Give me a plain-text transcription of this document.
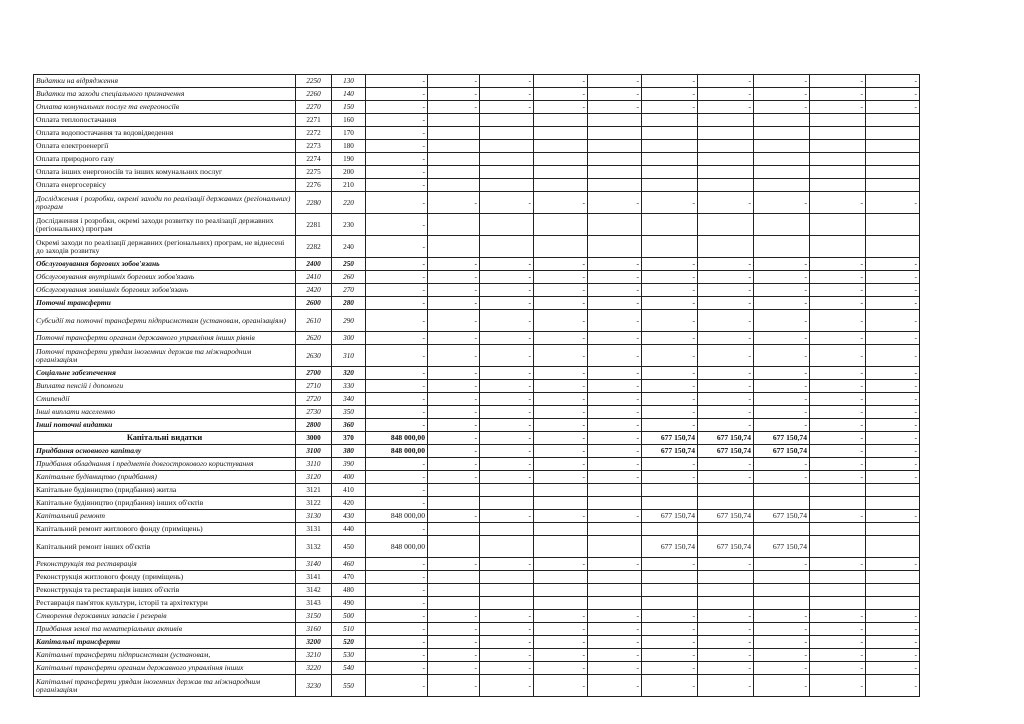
Видатки на відрядження	2250	130	-	-	-	-	-	-	-	-	-	-
Видатки та заходи спеціального призначення	2260	140	-	-	-	-	-	-	-	-	-	-
Оплата комунальних послуг та енергоносіїв	2270	150	-	-	-	-	-	-	-	-	-	-
Оплата теплопостачання	2271	160	-									
Оплата водопостачання та водовідведення	2272	170	-									
Оплата електроенергії	2273	180	-									
Оплата природного газу	2274	190	-									
Оплата інших енергоносіїв та інших комунальних послуг	2275	200	-									
Оплата енергосервісу	2276	210	-									
Дослідження і розробки, окремі заходи по реалізації державних (регіональних) програм	2280	220	-	-	-	-	-	-	-	-	-	-
Дослідження і розробки, окремі заходи розвитку по реалізації державних (регіональних) програм	2281	230	-									
Окремі заходи по реалізації державних (регіональних) програм, не віднесені до заходів розвитку	2282	240	-									
Обслуговування боргових зобов'язань	2400	250	-	-	-	-	-	-	-	-	-	-
Обслуговування внутрішніх боргових зобов'язань	2410	260	-	-	-	-	-	-	-	-	-	-
Обслуговування зовнішніх боргових зобов'язань	2420	270	-	-	-	-	-	-	-	-	-	-
Поточні трансферти	2600	280	-	-	-	-	-	-	-	-	-	-
Субсидії та поточні трансферти підприємствам (установам, організаціям)	2610	290	-	-	-	-	-	-	-	-	-	-
Поточні трансферти органам державного управління інших рівнів	2620	300	-	-	-	-	-	-	-	-	-	-
Поточні трансферти урядам іноземних держав та міжнародним організаціям	2630	310	-	-	-	-	-	-	-	-	-	-
Соціальне забезпечення	2700	320	-	-	-	-	-	-	-	-	-	-
Виплата пенсій і допомоги	2710	330	-	-	-	-	-	-	-	-	-	-
Стипендії	2720	340	-	-	-	-	-	-	-	-	-	-
Інші виплати населенню	2730	350	-	-	-	-	-	-	-	-	-	-
Інші поточні видатки	2800	360	-	-	-	-	-	-	-	-	-	-
Капітальні видатки	3000	370	848 000,00	-	-	-	-	677 150,74	677 150,74	677 150,74	-	-
Придбання основного капіталу	3100	380	848 000,00	-	-	-	-	677 150,74	677 150,74	677 150,74	-	-
Придбання обладнання і предметів довгострокового користування	3110	390	-	-	-	-	-	-	-	-	-	-
Капітальне будівництво (придбання)	3120	400	-	-	-	-	-	-	-	-	-	-
Капітальне будівництво (придбання) житла	3121	410	-									
Капітальне будівництво (придбання) інших об'єктів	3122	420	-									
Капітальний ремонт	3130	430	848 000,00	-	-	-	-	677 150,74	677 150,74	677 150,74	-	-
Капітальний ремонт житлового фонду (приміщень)	3131	440	-									
Капітальний ремонт інших об'єктів	3132	450	848 000,00					677 150,74	677 150,74	677 150,74		
Реконструкція та реставрація	3140	460	-	-	-	-	-	-	-	-	-	-
Реконструкція житлового фонду (приміщень)	3141	470	-									
Реконструкція та реставрація інших об'єктів	3142	480	-									
Реставрація пам'яток культури, історії та архітектури	3143	490	-									
Створення державних запасів і резервів	3150	500	-	-	-	-	-	-	-	-	-	-
Придбання землі та нематеріальних активів	3160	510	-	-	-	-	-	-	-	-	-	-
Капітальні трансферти	3200	520	-	-	-	-	-	-	-	-	-	-
Капітальні трансферти підприємствам (установам,	3210	530	-	-	-	-	-	-	-	-	-	-
Капітальні трансферти органам державного управління інших	3220	540	-	-	-	-	-	-	-	-	-	-
Капітальні трансферти урядам іноземних держав та міжнародним організаціям	3230	550	-	-	-	-	-	-	-	-	-	-
